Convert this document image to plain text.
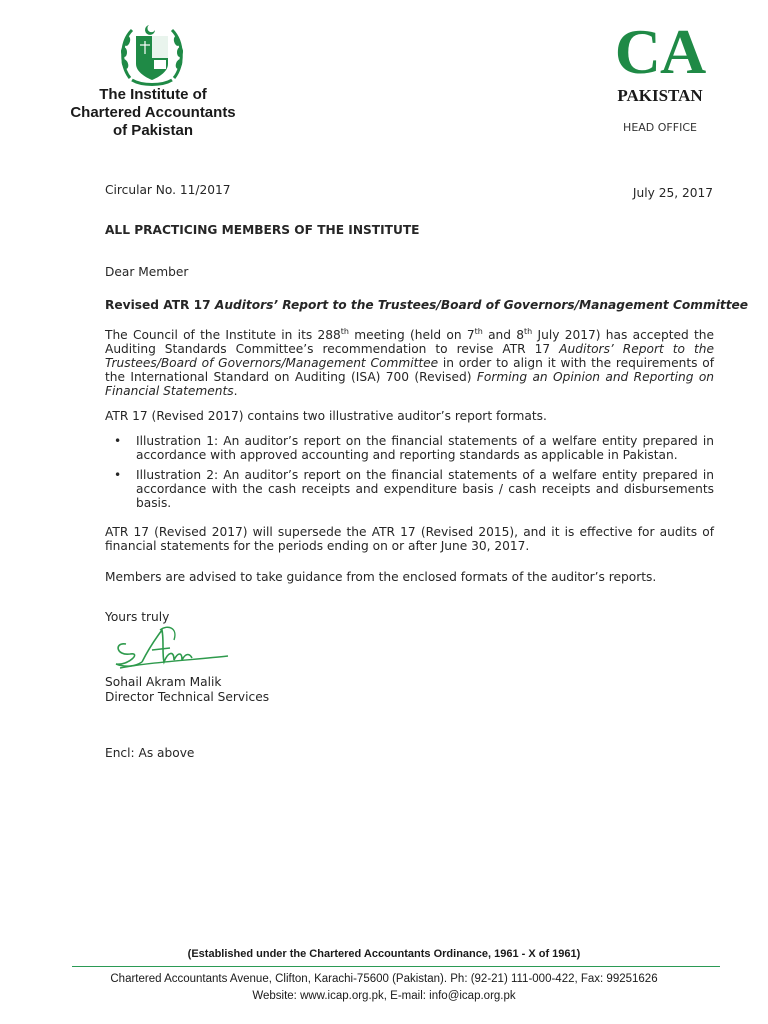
The Institute of
Chartered Accountants
of Pakistan
CA
PAKISTAN
HEAD OFFICE
Circular No. 11/2017	July 25, 2017
ALL PRACTICING MEMBERS OF THE INSTITUTE
Dear Member
Revised ATR 17 Auditors’ Report to the Trustees/Board of Governors/Management Committee
The Council of the Institute in its 288th meeting (held on 7th and 8th July 2017) has accepted the Auditing Standards Committee’s recommendation to revise ATR 17 Auditors’ Report to the Trustees/Board of Governors/Management Committee in order to align it with the requirements of the International Standard on Auditing (ISA) 700 (Revised) Forming an Opinion and Reporting on Financial Statements.
ATR 17 (Revised 2017) contains two illustrative auditor’s report formats.
• Illustration 1: An auditor’s report on the financial statements of a welfare entity prepared in accordance with approved accounting and reporting standards as applicable in Pakistan.
• Illustration 2: An auditor’s report on the financial statements of a welfare entity prepared in accordance with the cash receipts and expenditure basis / cash receipts and disbursements basis.
ATR 17 (Revised 2017) will supersede the ATR 17 (Revised 2015), and it is effective for audits of financial statements for the periods ending on or after June 30, 2017.
Members are advised to take guidance from the enclosed formats of the auditor’s reports.
Yours truly
Sohail Akram Malik
Director Technical Services
Encl: As above
(Established under the Chartered Accountants Ordinance, 1961 - X of 1961)
Chartered Accountants Avenue, Clifton, Karachi-75600 (Pakistan). Ph: (92-21) 111-000-422, Fax: 99251626
Website: www.icap.org.pk, E-mail: info@icap.org.pk
